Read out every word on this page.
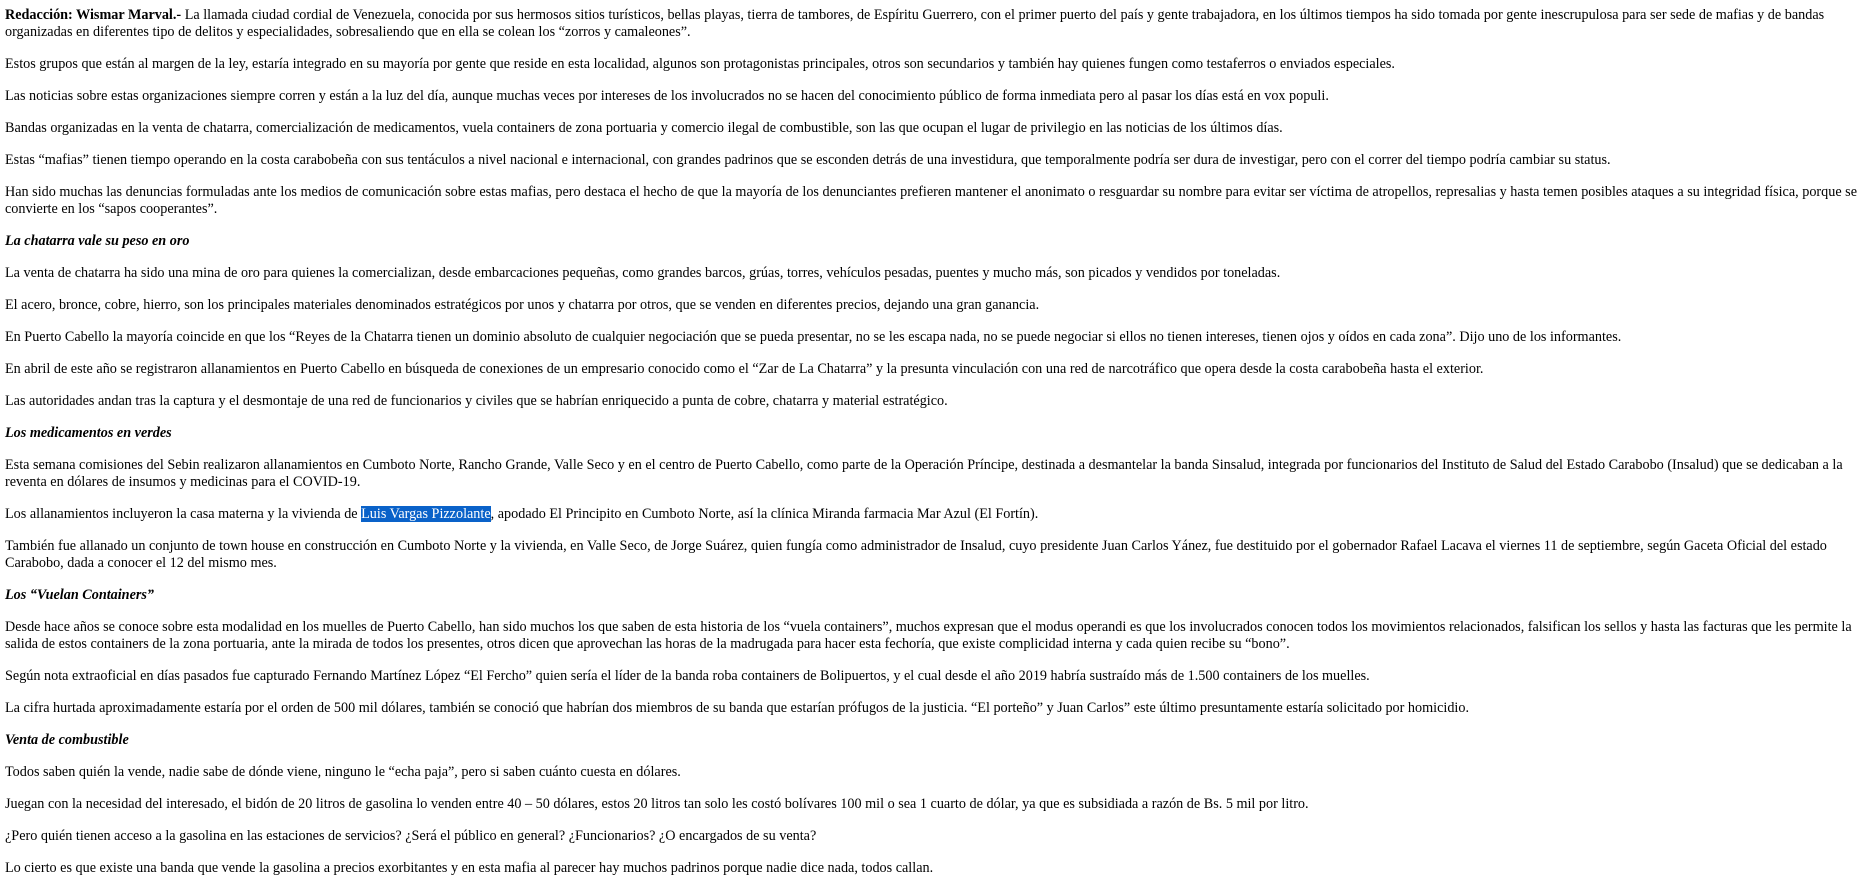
Redacción: Wismar Marval.- La llamada ciudad cordial de Venezuela, conocida por sus hermosos sitios turísticos, bellas playas, tierra de tambores, de Espíritu Guerrero, con el primer puerto del país y gente trabajadora, en los últimos tiempos ha sido tomada por gente inescrupulosa para ser sede de mafias y de bandas organizadas en diferentes tipo de delitos y especialidades, sobresaliendo que en ella se colean los “zorros y camaleones”.

Estos grupos que están al margen de la ley, estaría integrado en su mayoría por gente que reside en esta localidad, algunos son protagonistas principales, otros son secundarios y también hay quienes fungen como testaferros o enviados especiales.

Las noticias sobre estas organizaciones siempre corren y están a la luz del día, aunque muchas veces por intereses de los involucrados no se hacen del conocimiento público de forma inmediata pero al pasar los días está en vox populi.

Bandas organizadas en la venta de chatarra, comercialización de medicamentos, vuela containers de zona portuaria y comercio ilegal de combustible, son las que ocupan el lugar de privilegio en las noticias de los últimos días.

Estas “mafias” tienen tiempo operando en la costa carabobeña con sus tentáculos a nivel nacional e internacional, con grandes padrinos que se esconden detrás de una investidura, que temporalmente podría ser dura de investigar, pero con el correr del tiempo podría cambiar su status.

Han sido muchas las denuncias formuladas ante los medios de comunicación sobre estas mafias, pero destaca el hecho de que la mayoría de los denunciantes prefieren mantener el anonimato o resguardar su nombre para evitar ser víctima de atropellos, represalias y hasta temen posibles ataques a su integridad física, porque se convierte en los “sapos cooperantes”.

La chatarra vale su peso en oro

La venta de chatarra ha sido una mina de oro para quienes la comercializan, desde embarcaciones pequeñas, como grandes barcos, grúas, torres, vehículos pesadas, puentes y mucho más, son picados y vendidos por toneladas.

El acero, bronce, cobre, hierro, son los principales materiales denominados estratégicos por unos y chatarra por otros, que se venden en diferentes precios, dejando una gran ganancia.

En Puerto Cabello la mayoría coincide en que los “Reyes de la Chatarra tienen un dominio absoluto de cualquier negociación que se pueda presentar, no se les escapa nada, no se puede negociar si ellos no tienen intereses, tienen ojos y oídos en cada zona”. Dijo uno de los informantes.

En abril de este año se registraron allanamientos en Puerto Cabello en búsqueda de conexiones de un empresario conocido como el “Zar de La Chatarra” y la presunta vinculación con una red de narcotráfico que opera desde la costa carabobeña hasta el exterior.

Las autoridades andan tras la captura y el desmontaje de una red de funcionarios y civiles que se habrían enriquecido a punta de cobre, chatarra y material estratégico.

Los medicamentos en verdes

Esta semana comisiones del Sebin realizaron allanamientos en Cumboto Norte, Rancho Grande, Valle Seco y en el centro de Puerto Cabello, como parte de la Operación Príncipe, destinada a desmantelar la banda Sinsalud, integrada por funcionarios del Instituto de Salud del Estado Carabobo (Insalud) que se dedicaban a la reventa en dólares de insumos y medicinas para el COVID-19.

Los allanamientos incluyeron la casa materna y la vivienda de Luis Vargas Pizzolante, apodado El Principito en Cumboto Norte, así la clínica Miranda farmacia Mar Azul (El Fortín).

También fue allanado un conjunto de town house en construcción en Cumboto Norte y la vivienda, en Valle Seco, de Jorge Suárez, quien fungía como administrador de Insalud, cuyo presidente Juan Carlos Yánez, fue destituido por el gobernador Rafael Lacava el viernes 11 de septiembre, según Gaceta Oficial del estado Carabobo, dada a conocer el 12 del mismo mes.

Los “Vuelan Containers”

Desde hace años se conoce sobre esta modalidad en los muelles de Puerto Cabello, han sido muchos los que saben de esta historia de los “vuela containers”, muchos expresan que el modus operandi es que los involucrados conocen todos los movimientos relacionados, falsifican los sellos y hasta las facturas que les permite la salida de estos containers de la zona portuaria, ante la mirada de todos los presentes, otros dicen que aprovechan las horas de la madrugada para hacer esta fechoría, que existe complicidad interna y cada quien recibe su “bono”.

Según nota extraoficial en días pasados fue capturado Fernando Martínez López “El Fercho” quien sería el líder de la banda roba containers de Bolipuertos, y el cual desde el año 2019 habría sustraído más de 1.500 containers de los muelles.

La cifra hurtada aproximadamente estaría por el orden de 500 mil dólares, también se conoció que habrían dos miembros de su banda que estarían prófugos de la justicia. “El porteño” y Juan Carlos” este último presuntamente estaría solicitado por homicidio.

Venta de combustible

Todos saben quién la vende, nadie sabe de dónde viene, ninguno le “echa paja”, pero si saben cuánto cuesta en dólares.

Juegan con la necesidad del interesado, el bidón de 20 litros de gasolina lo venden entre 40 – 50 dólares, estos 20 litros tan solo les costó bolívares 100 mil o sea 1 cuarto de dólar, ya que es subsidiada a razón de Bs. 5 mil por litro.

¿Pero quién tienen acceso a la gasolina en las estaciones de servicios? ¿Será el público en general? ¿Funcionarios? ¿O encargados de su venta?

Lo cierto es que existe una banda que vende la gasolina a precios exorbitantes y en esta mafia al parecer hay muchos padrinos porque nadie dice nada, todos callan.
